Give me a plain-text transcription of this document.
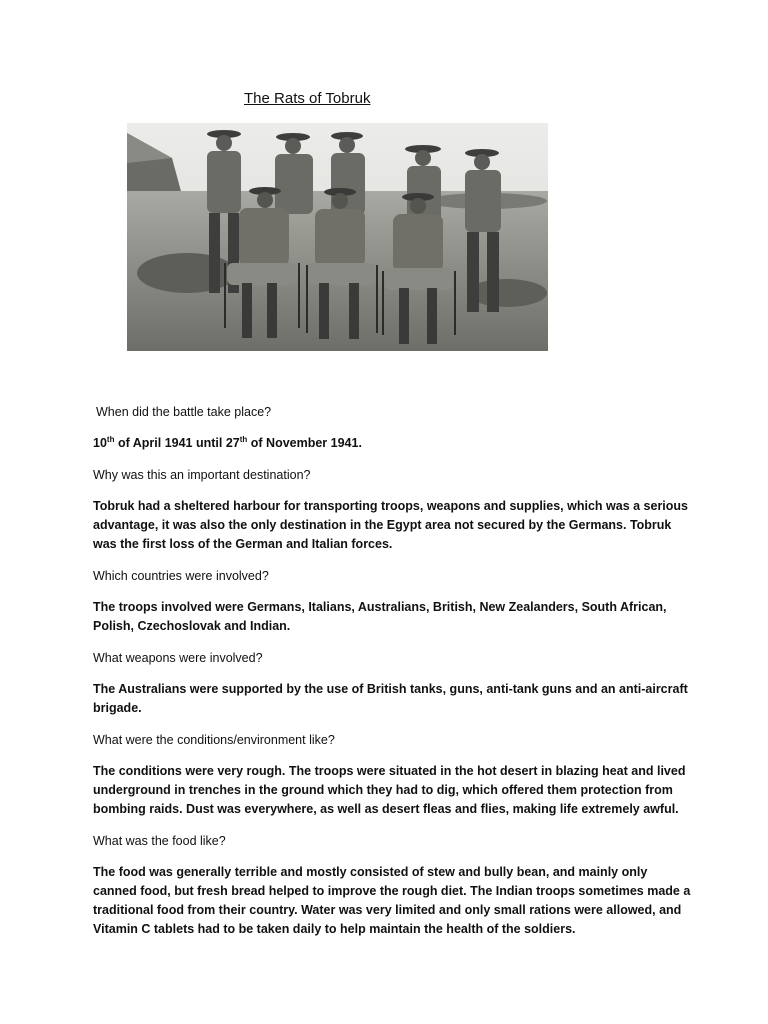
The Rats of Tobruk

When did the battle take place?

10th of April 1941 until 27th of November 1941.

Why was this an important destination?

Tobruk had a sheltered harbour for transporting troops, weapons and supplies, which was a serious advantage, it was also the only destination in the Egypt area not secured by the Germans. Tobruk was the first loss of the German and Italian forces.

Which countries were involved?

The troops involved were Germans, Italians, Australians, British, New Zealanders, South African, Polish, Czechoslovak and Indian.

What weapons were involved?

The Australians were supported by the use of British tanks, guns, anti-tank guns and an anti-aircraft brigade.

What were the conditions/environment like?

The conditions were very rough. The troops were situated in the hot desert in blazing heat and lived underground in trenches in the ground which they had to dig, which offered them protection from bombing raids. Dust was everywhere, as well as desert fleas and flies, making life extremely awful.

What was the food like?

The food was generally terrible and mostly consisted of stew and bully bean, and mainly only canned food, but fresh bread helped to improve the rough diet. The Indian troops sometimes made a traditional food from their country. Water was very limited and only small rations were allowed, and Vitamin C tablets had to be taken daily to help maintain the health of the soldiers.
